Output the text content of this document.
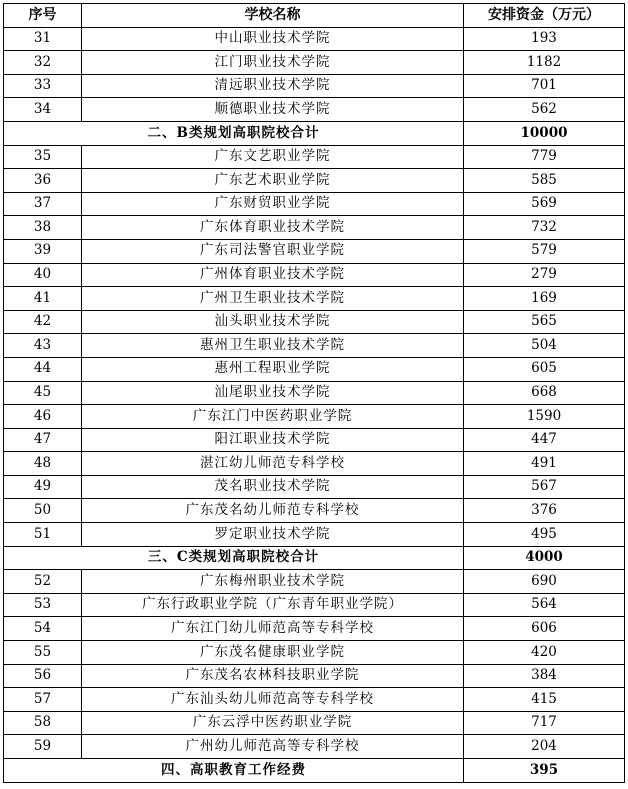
序号	学校名称	安排资金（万元）
31	中山职业技术学院	193
32	江门职业技术学院	1182
33	清远职业技术学院	701
34	顺德职业技术学院	562
二、B类规划高职院校合计		10000
35	广东文艺职业学院	779
36	广东艺术职业学院	585
37	广东财贸职业学院	569
38	广东体育职业技术学院	732
39	广东司法警官职业学院	579
40	广州体育职业技术学院	279
41	广州卫生职业技术学院	169
42	汕头职业技术学院	565
43	惠州卫生职业技术学院	504
44	惠州工程职业学院	605
45	汕尾职业技术学院	668
46	广东江门中医药职业学院	1590
47	阳江职业技术学院	447
48	湛江幼儿师范专科学校	491
49	茂名职业技术学院	567
50	广东茂名幼儿师范专科学校	376
51	罗定职业技术学院	495
三、C类规划高职院校合计		4000
52	广东梅州职业技术学院	690
53	广东行政职业学院（广东青年职业学院）	564
54	广东江门幼儿师范高等专科学校	606
55	广东茂名健康职业学院	420
56	广东茂名农林科技职业学院	384
57	广东汕头幼儿师范高等专科学校	415
58	广东云浮中医药职业学院	717
59	广州幼儿师范高等专科学校	204
四、高职教育工作经费		395
